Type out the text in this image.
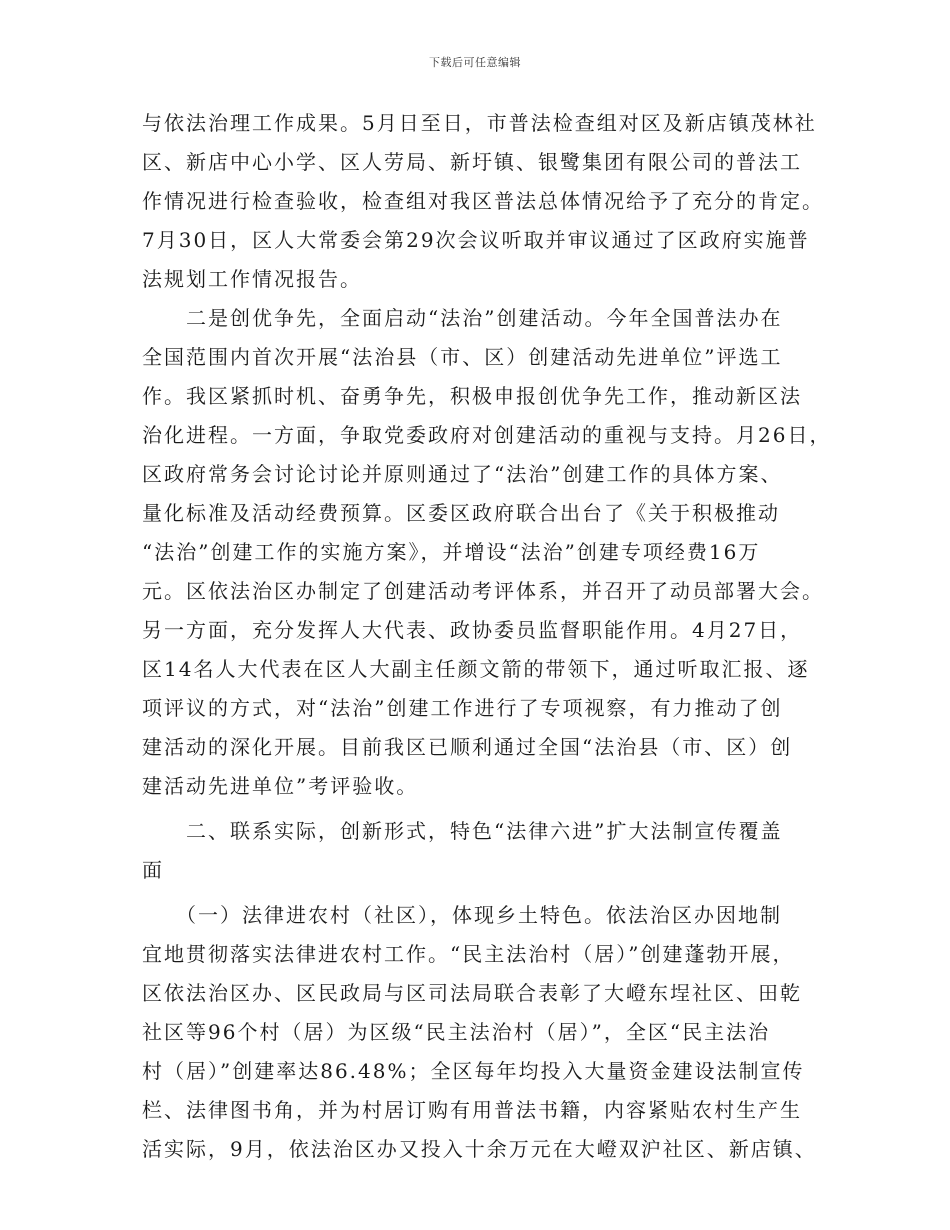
下载后可任意编辑
与依法治理工作成果。5月日至日，市普法检查组对区及新店镇茂林社
区、新店中心小学、区人劳局、新圩镇、银鹭集团有限公司的普法工
作情况进行检查验收，检查组对我区普法总体情况给予了充分的肯定。
7月30日，区人大常委会第29次会议听取并审议通过了区政府实施普
法规划工作情况报告。
　　二是创优争先，全面启动“法治”创建活动。今年全国普法办在
全国范围内首次开展“法治县（市、区）创建活动先进单位”评选工
作。我区紧抓时机、奋勇争先，积极申报创优争先工作，推动新区法
治化进程。一方面，争取党委政府对创建活动的重视与支持。月26日，
区政府常务会讨论讨论并原则通过了“法治”创建工作的具体方案、
量化标准及活动经费预算。区委区政府联合出台了《关于积极推动
“法治”创建工作的实施方案》，并增设“法治”创建专项经费16万
元。区依法治区办制定了创建活动考评体系，并召开了动员部署大会。
另一方面，充分发挥人大代表、政协委员监督职能作用。4月27日，
区14名人大代表在区人大副主任颜文箭的带领下，通过听取汇报、逐
项评议的方式，对“法治”创建工作进行了专项视察，有力推动了创
建活动的深化开展。目前我区已顺利通过全国“法治县（市、区）创
建活动先进单位”考评验收。
　　二、联系实际，创新形式，特色“法律六进”扩大法制宣传覆盖
面
　　（一）法律进农村（社区），体现乡土特色。依法治区办因地制
宜地贯彻落实法律进农村工作。“民主法治村（居）”创建蓬勃开展，
区依法治区办、区民政局与区司法局联合表彰了大嶝东埕社区、田乾
社区等96个村（居）为区级“民主法治村（居）”，全区“民主法治
村（居）”创建率达86.48%；全区每年均投入大量资金建设法制宣传
栏、法律图书角，并为村居订购有用普法书籍，内容紧贴农村生产生
活实际，9月，依法治区办又投入十余万元在大嶝双沪社区、新店镇、
